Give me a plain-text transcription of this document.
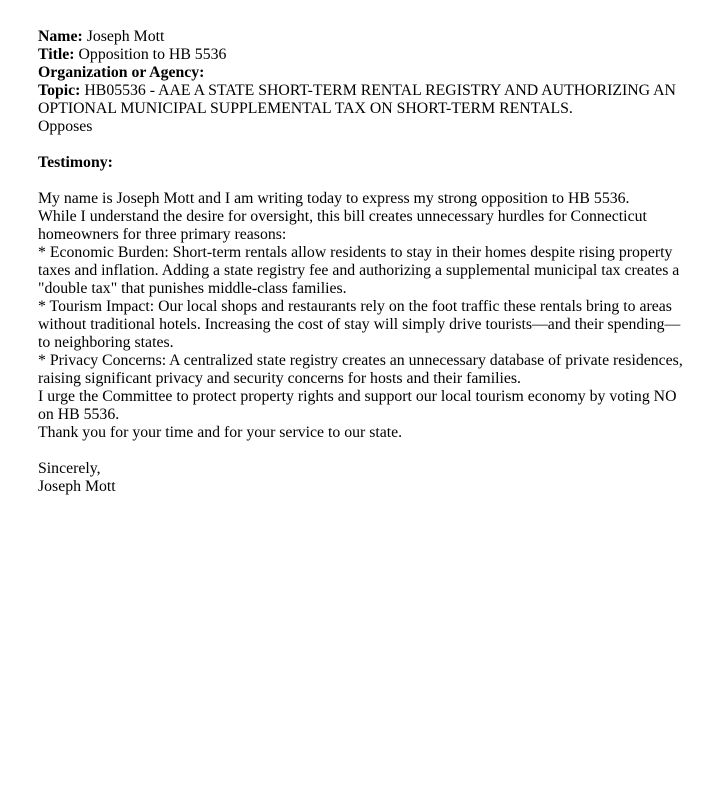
Name: Joseph Mott
Title: Opposition to HB 5536
Organization or Agency:
Topic: HB05536 - AAE A STATE SHORT-TERM RENTAL REGISTRY AND AUTHORIZING AN OPTIONAL MUNICIPAL SUPPLEMENTAL TAX ON SHORT-TERM RENTALS.
Opposes
Testimony:
My name is Joseph Mott and I am writing today to express my strong opposition to HB 5536.
While I understand the desire for oversight, this bill creates unnecessary hurdles for Connecticut homeowners for three primary reasons:
* Economic Burden: Short-term rentals allow residents to stay in their homes despite rising property taxes and inflation. Adding a state registry fee and authorizing a supplemental municipal tax creates a "double tax" that punishes middle-class families.
* Tourism Impact: Our local shops and restaurants rely on the foot traffic these rentals bring to areas without traditional hotels. Increasing the cost of stay will simply drive tourists—and their spending—to neighboring states.
* Privacy Concerns: A centralized state registry creates an unnecessary database of private residences, raising significant privacy and security concerns for hosts and their families.
I urge the Committee to protect property rights and support our local tourism economy by voting NO on HB 5536.
Thank you for your time and for your service to our state.
Sincerely,
Joseph Mott
